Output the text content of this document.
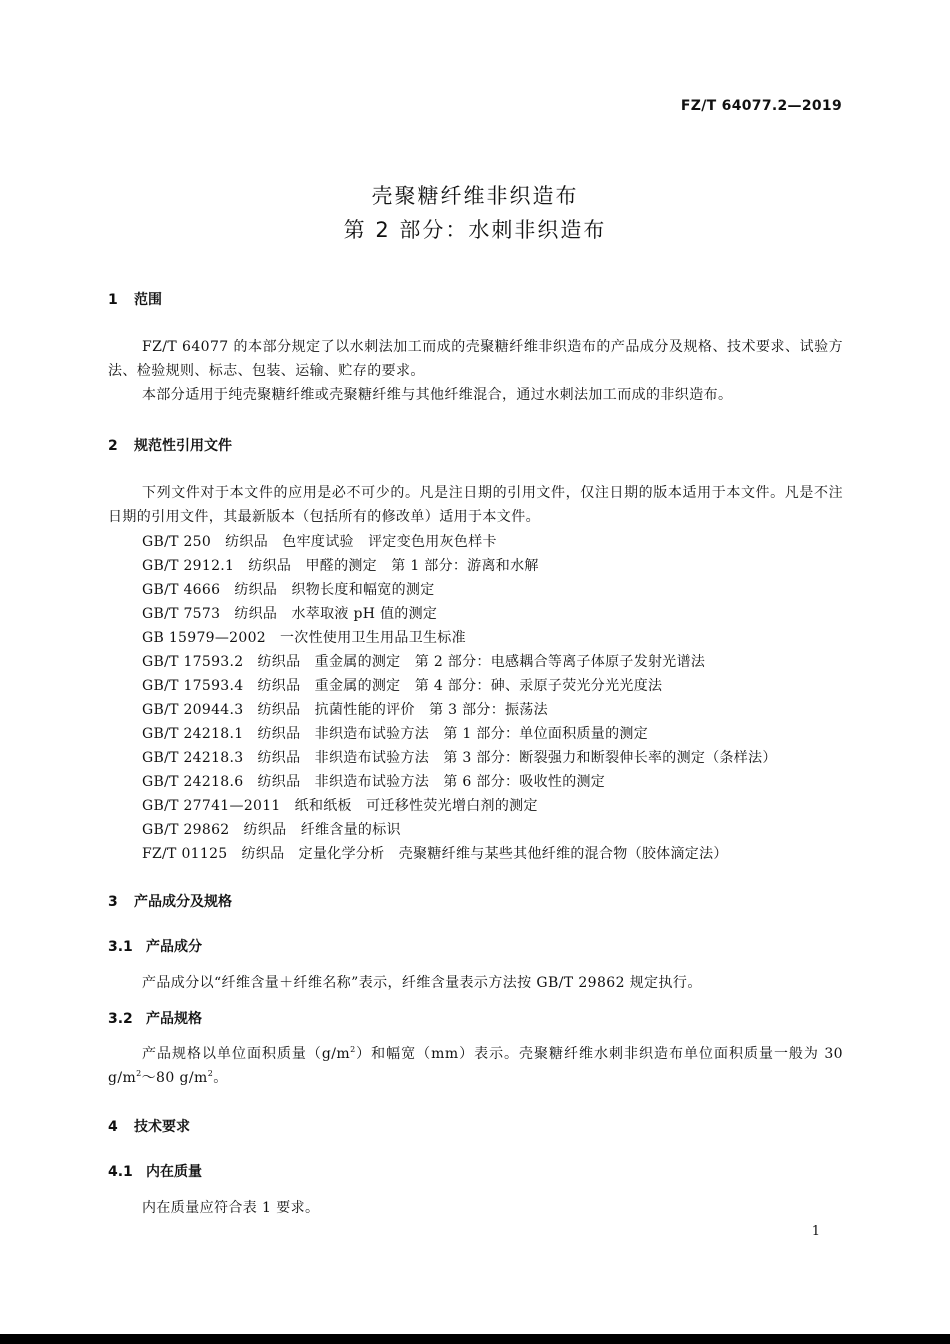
FZ/T 64077.2—2019
壳聚糖纤维非织造布
第 2 部分：水刺非织造布
1 范围
FZ/T 64077 的本部分规定了以水刺法加工而成的壳聚糖纤维非织造布的产品成分及规格、技术要求、试验方法、检验规则、标志、包装、运输、贮存的要求。
本部分适用于纯壳聚糖纤维或壳聚糖纤维与其他纤维混合，通过水刺法加工而成的非织造布。
2 规范性引用文件
下列文件对于本文件的应用是必不可少的。凡是注日期的引用文件，仅注日期的版本适用于本文件。凡是不注日期的引用文件，其最新版本（包括所有的修改单）适用于本文件。
GB/T 250 纺织品　色牢度试验　评定变色用灰色样卡
GB/T 2912.1 纺织品　甲醛的测定　第 1 部分：游离和水解
GB/T 4666 纺织品　织物长度和幅宽的测定
GB/T 7573 纺织品　水萃取液 pH 值的测定
GB 15979—2002 一次性使用卫生用品卫生标准
GB/T 17593.2 纺织品　重金属的测定　第 2 部分：电感耦合等离子体原子发射光谱法
GB/T 17593.4 纺织品　重金属的测定　第 4 部分：砷、汞原子荧光分光光度法
GB/T 20944.3 纺织品　抗菌性能的评价　第 3 部分：振荡法
GB/T 24218.1 纺织品　非织造布试验方法　第 1 部分：单位面积质量的测定
GB/T 24218.3 纺织品　非织造布试验方法　第 3 部分：断裂强力和断裂伸长率的测定（条样法）
GB/T 24218.6 纺织品　非织造布试验方法　第 6 部分：吸收性的测定
GB/T 27741—2011 纸和纸板　可迁移性荧光增白剂的测定
GB/T 29862 纺织品　纤维含量的标识
FZ/T 01125 纺织品　定量化学分析　壳聚糖纤维与某些其他纤维的混合物（胶体滴定法）
3 产品成分及规格
3.1 产品成分
产品成分以“纤维含量＋纤维名称”表示，纤维含量表示方法按 GB/T 29862 规定执行。
3.2 产品规格
产品规格以单位面积质量$(g/m^2)$和幅宽（mm）表示。壳聚糖纤维水刺非织造布单位面积质量一般为 30 $g/m^2\sim 80$ $g/m^2$。
4 技术要求
4.1 内在质量
内在质量应符合表 1 要求。
1
